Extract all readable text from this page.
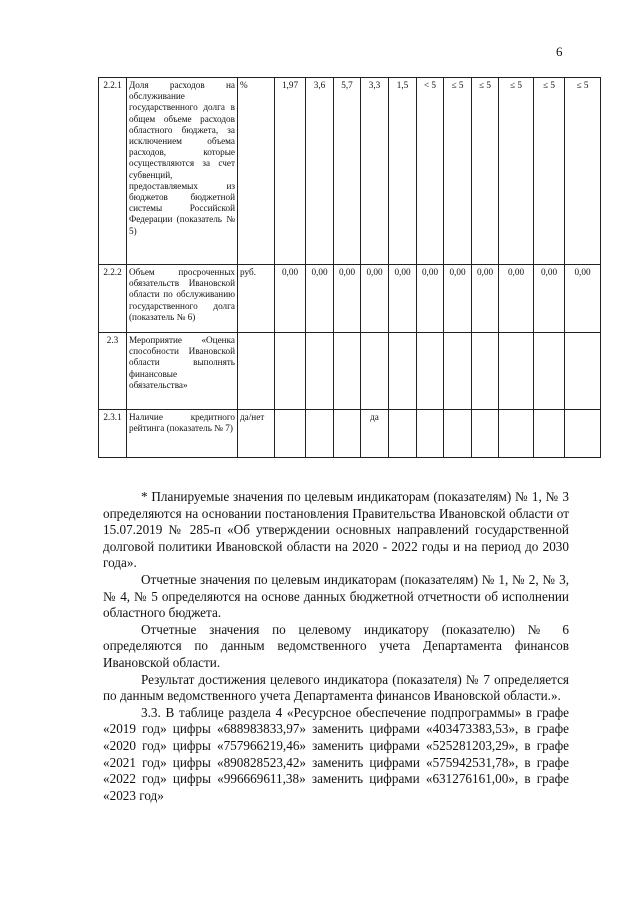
6
2.2.1	Доля расходов на обслуживание государственного долга в общем объеме расходов областного бюджета, за исключением объема расходов, которые осуществляются за счет субвенций, предоставляемых из бюджетов бюджетной системы Российской Федерации (показатель № 5)	%	1,97	3,6	5,7	3,3	1,5	< 5	≤ 5	≤ 5	≤ 5	≤ 5	≤ 5
2.2.2	Объем просроченных обязательств Ивановской области по обслуживанию государственного долга (показатель № 6)	руб.	0,00	0,00	0,00	0,00	0,00	0,00	0,00	0,00	0,00	0,00	0,00
2.3	Мероприятие «Оценка способности Ивановской области выполнять финансовые обязательства»												
2.3.1	Наличие кредитного рейтинга (показатель № 7)	да/нет				да							

* Планируемые значения по целевым индикаторам (показателям) № 1, № 3 определяются на основании постановления Правительства Ивановской области от 15.07.2019 № 285-п «Об утверждении основных направлений государственной долговой политики Ивановской области на 2020 - 2022 годы и на период до 2030 года».

Отчетные значения по целевым индикаторам (показателям) № 1, № 2, № 3, № 4, № 5 определяются на основе данных бюджетной отчетности об исполнении областного бюджета.

Отчетные значения по целевому индикатору (показателю) № 6 определяются по данным ведомственного учета Департамента финансов Ивановской области.

Результат достижения целевого индикатора (показателя) № 7 определяется по данным ведомственного учета Департамента финансов Ивановской области.».

3.3. В таблице раздела 4 «Ресурсное обеспечение подпрограммы» в графе «2019 год» цифры «688983833,97» заменить цифрами «403473383,53», в графе «2020 год» цифры «757966219,46» заменить цифрами «525281203,29», в графе «2021 год» цифры «890828523,42» заменить цифрами «575942531,78», в графе «2022 год» цифры «996669611,38» заменить цифрами «631276161,00», в графе «2023 год»
